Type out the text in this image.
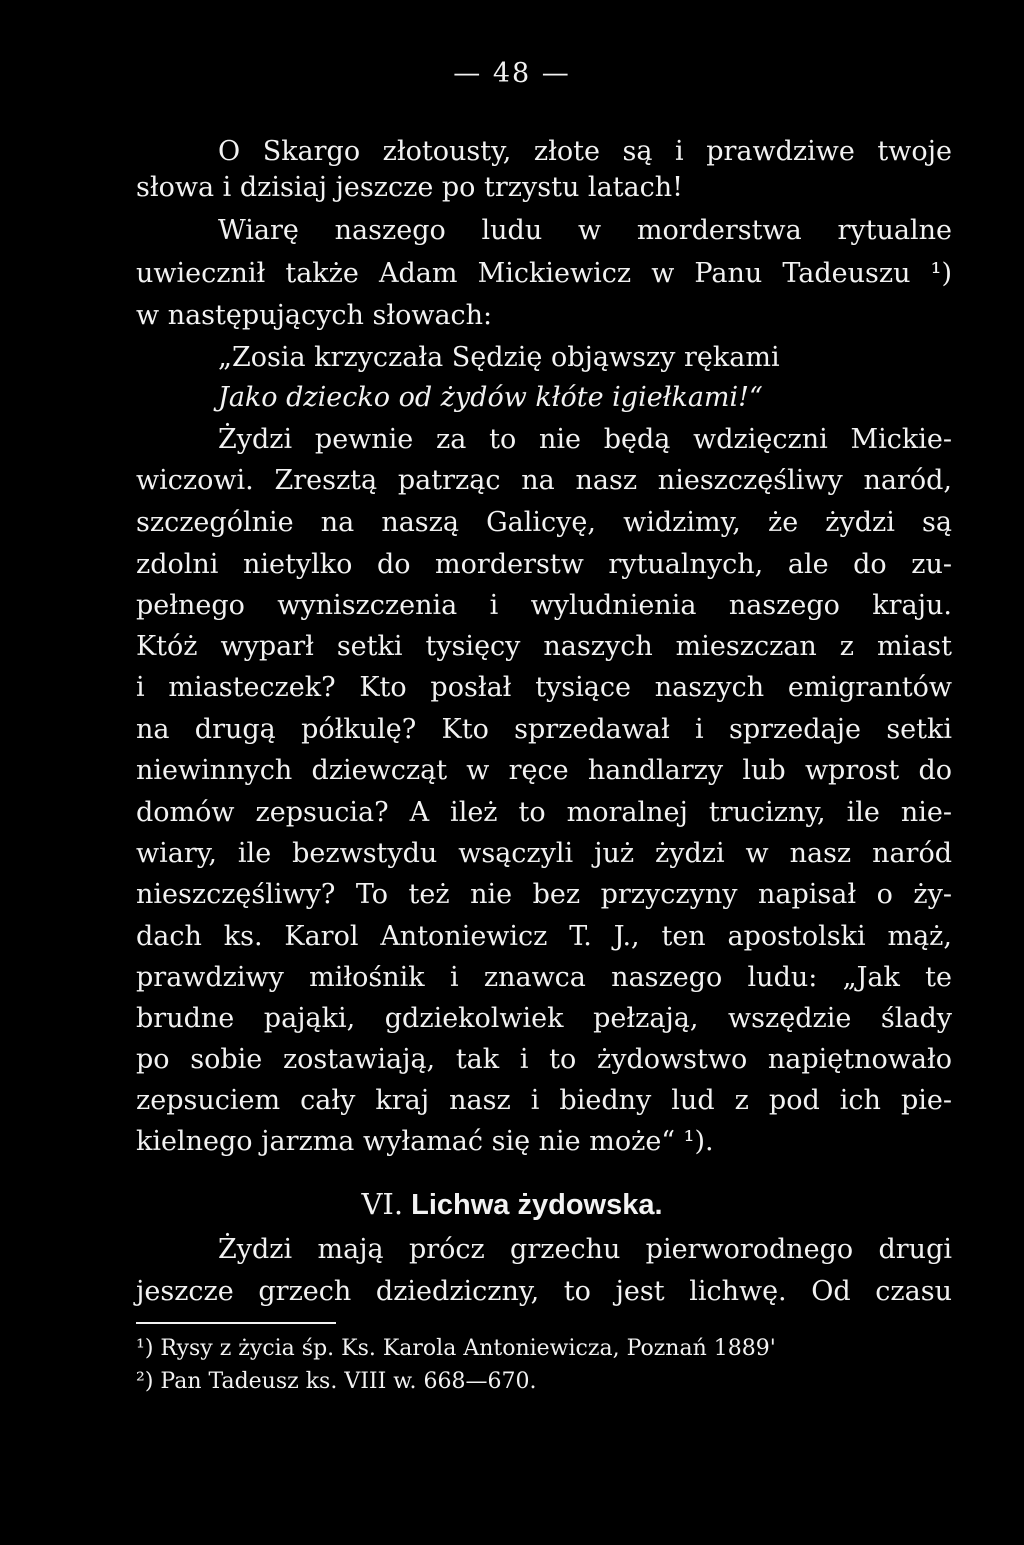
— 48 —
O Skargo złotousty, złote są i prawdziwe twoje
słowa i dzisiaj jeszcze po trzystu latach!
Wiarę naszego ludu w morderstwa rytualne
uwiecznił także Adam Mickiewicz w Panu Tadeuszu ¹)
w następujących słowach:
„Zosia krzyczała Sędzię objąwszy rękami
Jako dziecko od żydów kłóte igiełkami!“
Żydzi pewnie za to nie będą wdzięczni Mickie-
wiczowi. Zresztą patrząc na nasz nieszczęśliwy naród,
szczególnie na naszą Galicyę, widzimy, że żydzi są
zdolni nietylko do morderstw rytualnych, ale do zu-
pełnego wyniszczenia i wyludnienia naszego kraju.
Któż wyparł setki tysięcy naszych mieszczan z miast
i miasteczek? Kto posłał tysiące naszych emigrantów
na drugą półkulę? Kto sprzedawał i sprzedaje setki
niewinnych dziewcząt w ręce handlarzy lub wprost do
domów zepsucia? A ileż to moralnej trucizny, ile nie-
wiary, ile bezwstydu wsączyli już żydzi w nasz naród
nieszczęśliwy? To też nie bez przyczyny napisał o ży-
dach ks. Karol Antoniewicz T. J., ten apostolski mąż,
prawdziwy miłośnik i znawca naszego ludu: „Jak te
brudne pająki, gdziekolwiek pełzają, wszędzie ślady
po sobie zostawiają, tak i to żydowstwo napiętnowało
zepsuciem cały kraj nasz i biedny lud z pod ich pie-
kielnego jarzma wyłamać się nie może“ ¹).
VI. Lichwa żydowska.
Żydzi mają prócz grzechu pierworodnego drugi
jeszcze grzech dziedziczny, to jest lichwę. Od czasu
¹) Rysy z życia śp. Ks. Karola Antoniewicza, Poznań 1889'
²) Pan Tadeusz ks. VIII w. 668—670.
